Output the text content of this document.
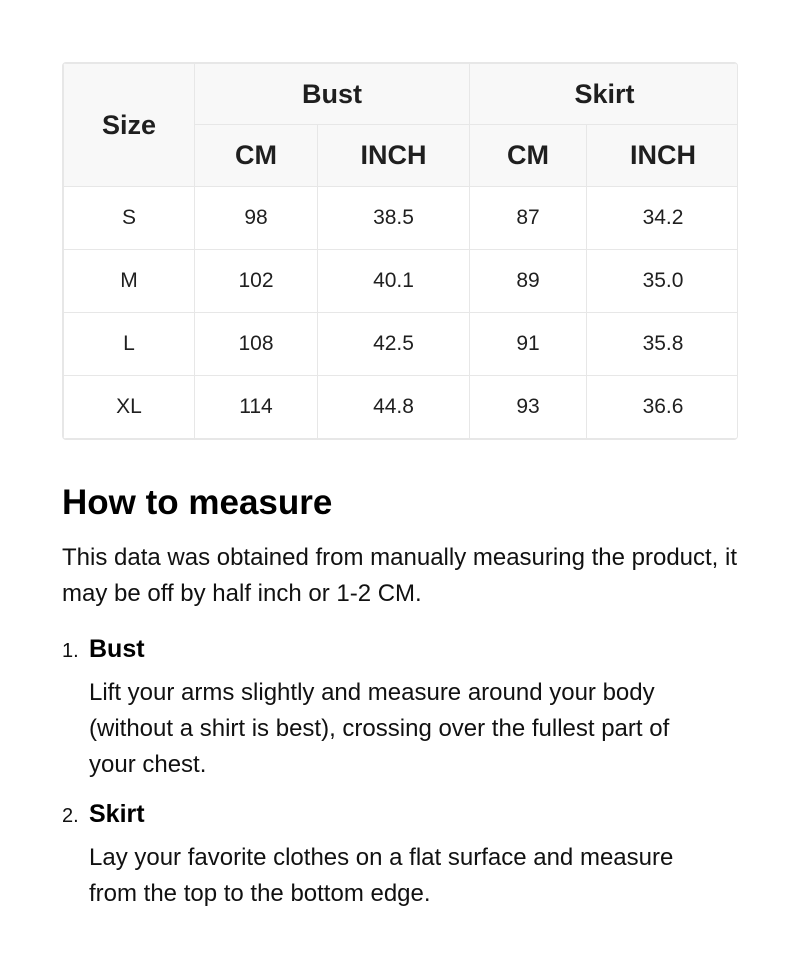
Size	Bust		Skirt	
	CM	INCH	CM	INCH
S	98	38.5	87	34.2
M	102	40.1	89	35.0
L	108	42.5	91	35.8
XL	114	44.8	93	36.6
How to measure

This data was obtained from manually measuring the product, it may be off by half inch or 1-2 CM.

1. Bust

Lift your arms slightly and measure around your body (without a shirt is best), crossing over the fullest part of your chest.

2. Skirt

Lay your favorite clothes on a flat surface and measure from the top to the bottom edge.
